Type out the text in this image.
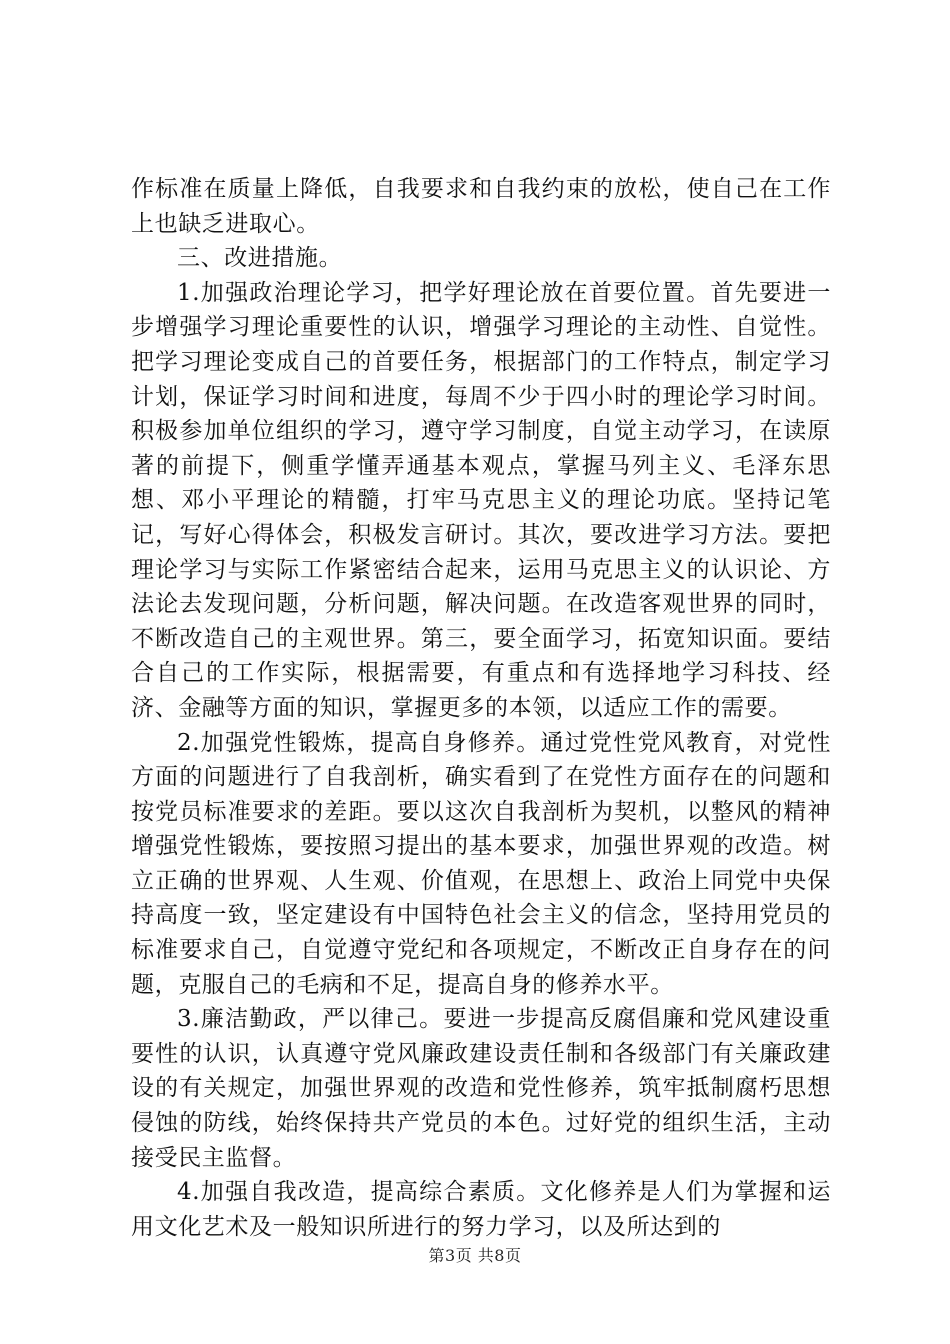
作标准在质量上降低，自我要求和自我约束的放松，使自己在工作上也缺乏进取心。

三、改进措施。

1.加强政治理论学习，把学好理论放在首要位置。首先要进一步增强学习理论重要性的认识，增强学习理论的主动性、自觉性。把学习理论变成自己的首要任务，根据部门的工作特点，制定学习计划，保证学习时间和进度，每周不少于四小时的理论学习时间。积极参加单位组织的学习，遵守学习制度，自觉主动学习，在读原著的前提下，侧重学懂弄通基本观点，掌握马列主义、毛泽东思想、邓小平理论的精髓，打牢马克思主义的理论功底。坚持记笔记，写好心得体会，积极发言研讨。其次，要改进学习方法。要把理论学习与实际工作紧密结合起来，运用马克思主义的认识论、方法论去发现问题，分析问题，解决问题。在改造客观世界的同时，不断改造自己的主观世界。第三，要全面学习，拓宽知识面。要结合自己的工作实际，根据需要，有重点和有选择地学习科技、经济、金融等方面的知识，掌握更多的本领，以适应工作的需要。

2.加强党性锻炼，提高自身修养。通过党性党风教育，对党性方面的问题进行了自我剖析，确实看到了在党性方面存在的问题和按党员标准要求的差距。要以这次自我剖析为契机，以整风的精神增强党性锻炼，要按照习提出的基本要求，加强世界观的改造。树立正确的世界观、人生观、价值观，在思想上、政治上同党中央保持高度一致，坚定建设有中国特色社会主义的信念，坚持用党员的标准要求自己，自觉遵守党纪和各项规定，不断改正自身存在的问题，克服自己的毛病和不足，提高自身的修养水平。

3.廉洁勤政，严以律己。要进一步提高反腐倡廉和党风建设重要性的认识，认真遵守党风廉政建设责任制和各级部门有关廉政建设的有关规定，加强世界观的改造和党性修养，筑牢抵制腐朽思想侵蚀的防线，始终保持共产党员的本色。过好党的组织生活，主动接受民主监督。

4.加强自我改造，提高综合素质。文化修养是人们为掌握和运用文化艺术及一般知识所进行的努力学习，以及所达到的

第3页 共8页
